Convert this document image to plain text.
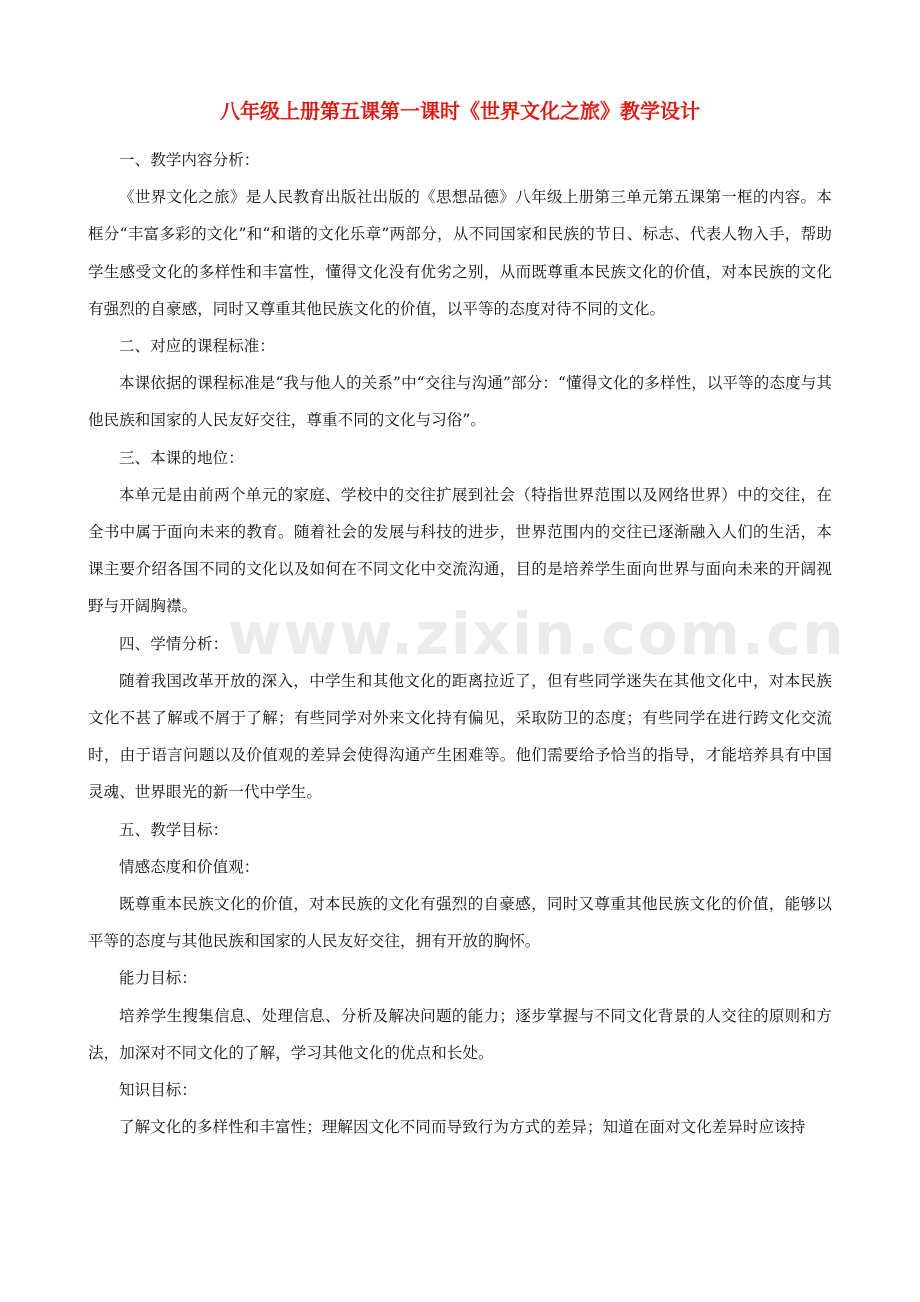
八年级上册第五课第一课时《世界文化之旅》教学设计

一、教学内容分析：

《世界文化之旅》是人民教育出版社出版的《思想品德》八年级上册第三单元第五课第一框的内容。本框分“丰富多彩的文化”和“和谐的文化乐章”两部分，从不同国家和民族的节日、标志、代表人物入手，帮助学生感受文化的多样性和丰富性，懂得文化没有优劣之别，从而既尊重本民族文化的价值，对本民族的文化有强烈的自豪感，同时又尊重其他民族文化的价值，以平等的态度对待不同的文化。

二、对应的课程标准：

本课依据的课程标准是“我与他人的关系”中“交往与沟通”部分：“懂得文化的多样性，以平等的态度与其他民族和国家的人民友好交往，尊重不同的文化与习俗”。

三、本课的地位：

本单元是由前两个单元的家庭、学校中的交往扩展到社会（特指世界范围以及网络世界）中的交往，在全书中属于面向未来的教育。随着社会的发展与科技的进步，世界范围内的交往已逐渐融入人们的生活，本课主要介绍各国不同的文化以及如何在不同文化中交流沟通，目的是培养学生面向世界与面向未来的开阔视野与开阔胸襟。

四、学情分析：

随着我国改革开放的深入，中学生和其他文化的距离拉近了，但有些同学迷失在其他文化中，对本民族文化不甚了解或不屑于了解；有些同学对外来文化持有偏见，采取防卫的态度；有些同学在进行跨文化交流时，由于语言问题以及价值观的差异会使得沟通产生困难等。他们需要给予恰当的指导，才能培养具有中国灵魂、世界眼光的新一代中学生。

五、教学目标：

情感态度和价值观：

既尊重本民族文化的价值，对本民族的文化有强烈的自豪感，同时又尊重其他民族文化的价值，能够以平等的态度与其他民族和国家的人民友好交往，拥有开放的胸怀。

能力目标：

培养学生搜集信息、处理信息、分析及解决问题的能力；逐步掌握与不同文化背景的人交往的原则和方法，加深对不同文化的了解，学习其他文化的优点和长处。

知识目标：

了解文化的多样性和丰富性；理解因文化不同而导致行为方式的差异；知道在面对文化差异时应该持

www.zixin.com.cn
